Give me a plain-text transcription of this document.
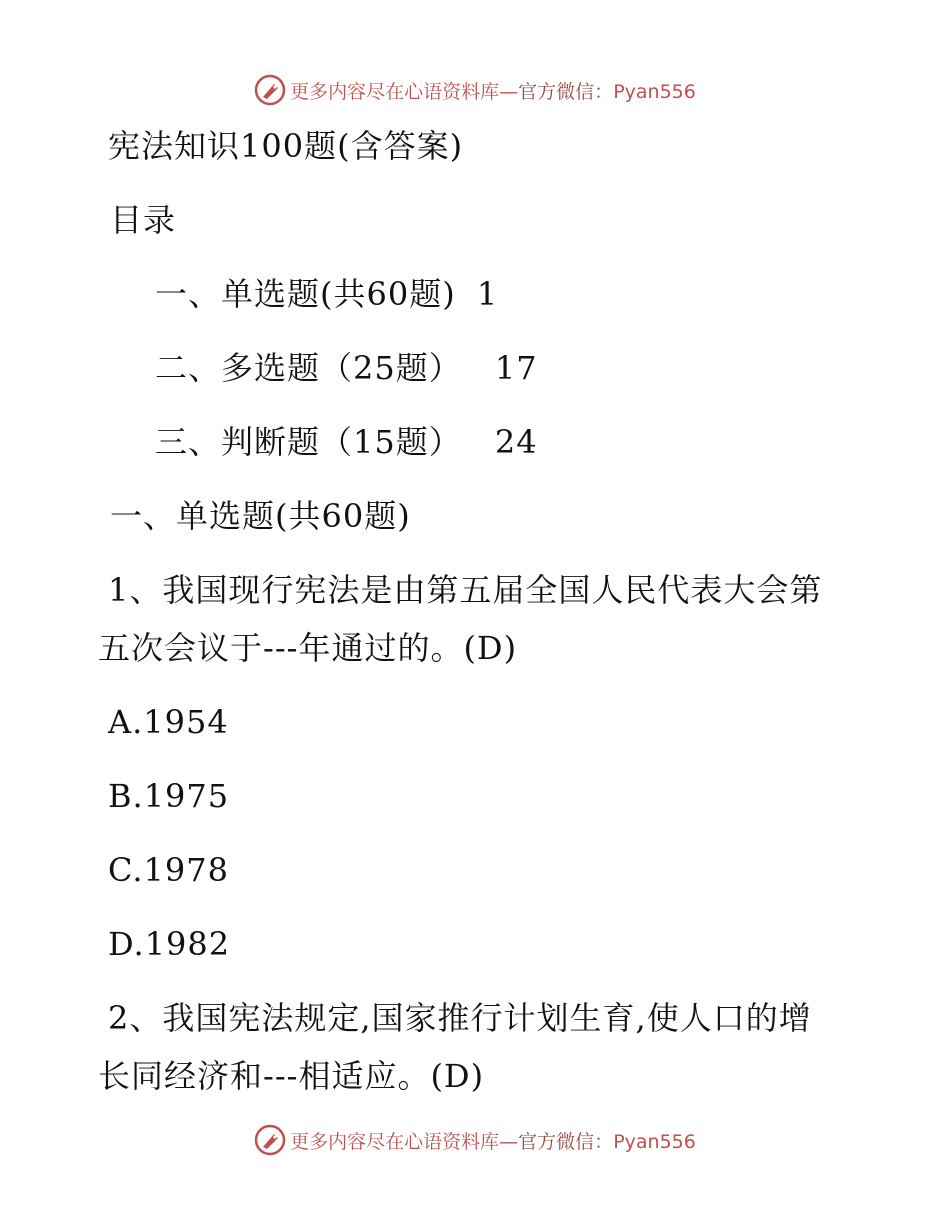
更多内容尽在心语资料库—官方微信：Pyan556
宪法知识100题(含答案)
目录
一、单选题(共60题) 1
二、多选题（25题） 17
三、判断题（15题） 24
一、单选题(共60题)
1、我国现行宪法是由第五届全国人民代表大会第
五次会议于---年通过的。(D)
A.1954
B.1975
C.1978
D.1982
2、我国宪法规定,国家推行计划生育,使人口的增
长同经济和---相适应。(D)
更多内容尽在心语资料库—官方微信：Pyan556
